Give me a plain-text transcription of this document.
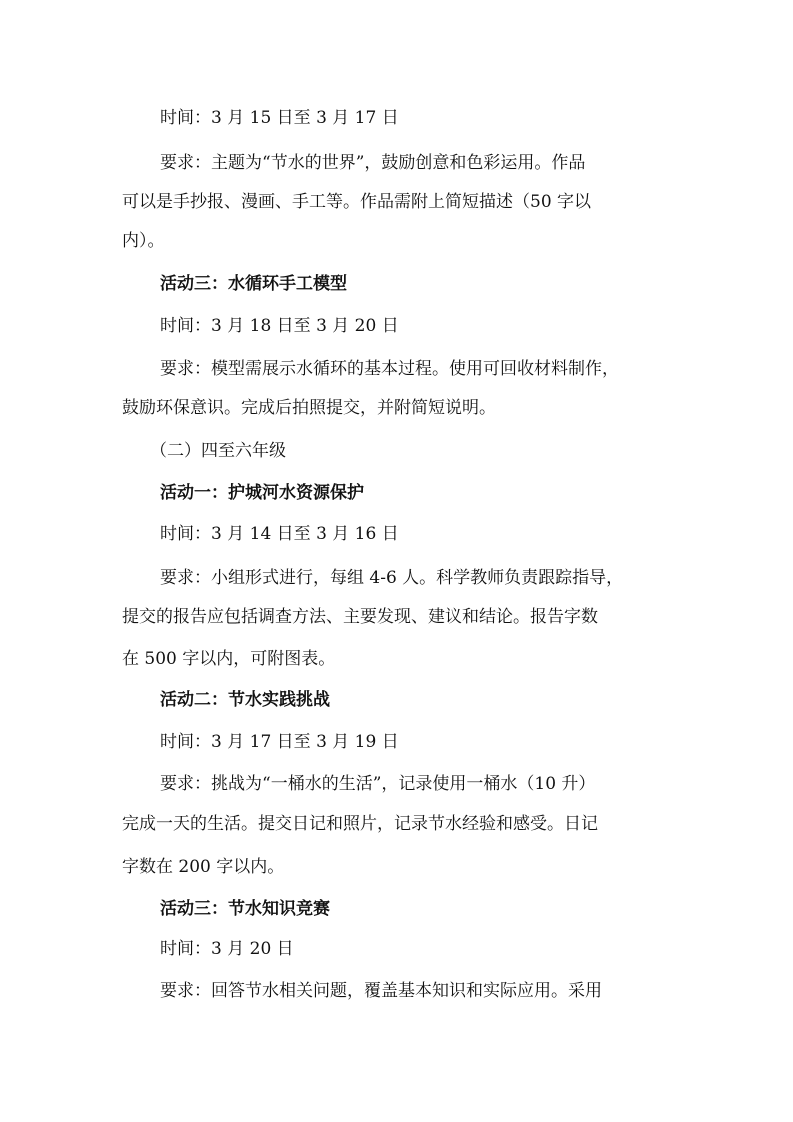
时间：3 月 15 日至 3 月 17 日
要求：主题为“节水的世界”，鼓励创意和色彩运用。作品
可以是手抄报、漫画、手工等。作品需附上简短描述（50 字以
内）。
活动三：水循环手工模型
时间：3 月 18 日至 3 月 20 日
要求：模型需展示水循环的基本过程。使用可回收材料制作，
鼓励环保意识。完成后拍照提交，并附简短说明。
（二）四至六年级
活动一：护城河水资源保护
时间：3 月 14 日至 3 月 16 日
要求：小组形式进行，每组 4-6 人。科学教师负责跟踪指导，
提交的报告应包括调查方法、主要发现、建议和结论。报告字数
在 500 字以内，可附图表。
活动二：节水实践挑战
时间：3 月 17 日至 3 月 19 日
要求：挑战为“一桶水的生活”，记录使用一桶水（10 升）
完成一天的生活。提交日记和照片，记录节水经验和感受。日记
字数在 200 字以内。
活动三：节水知识竞赛
时间：3 月 20 日
要求：回答节水相关问题，覆盖基本知识和实际应用。采用
